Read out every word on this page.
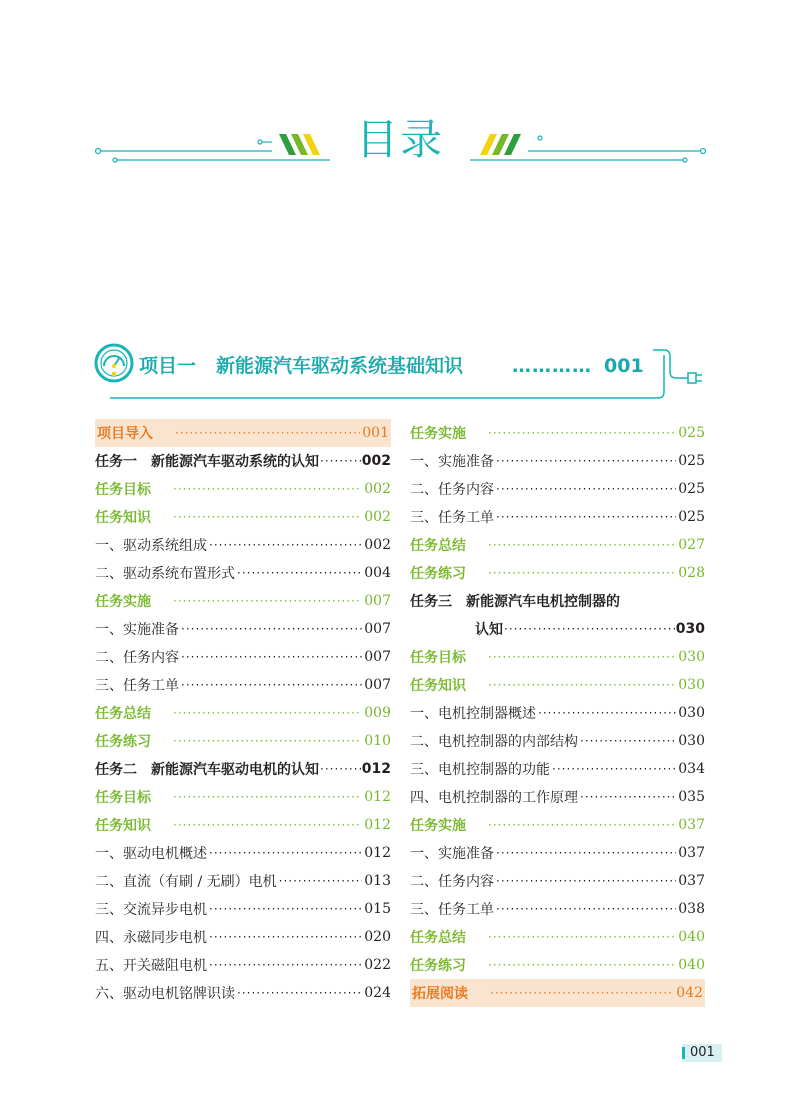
目录
项目一 新能源汽车驱动系统基础知识	………… 001
项目导入 ·····	001
任务一 新能源汽车驱动系统的认知 ·····	002
任务目标 ·····	002
任务知识 ·····	002
一、驱动系统组成 ·····	002
二、驱动系统布置形式 ·····	004
任务实施 ·····	007
一、实施准备 ·····	007
二、任务内容 ·····	007
三、任务工单 ·····	007
任务总结 ·····	009
任务练习 ·····	010
任务二 新能源汽车驱动电机的认知 ·····	012
任务目标 ·····	012
任务知识 ·····	012
一、驱动电机概述 ·····	012
二、直流（有刷 / 无刷）电机 ·····	013
三、交流异步电机 ·····	015
四、永磁同步电机 ·····	020
五、开关磁阻电机 ·····	022
六、驱动电机铭牌识读 ·····	024
任务实施 ·····	025
一、实施准备 ·····	025
二、任务内容 ·····	025
三、任务工单 ·····	025
任务总结 ·····	027
任务练习 ·····	028
任务三 新能源汽车电机控制器的
认知 ·····	030
任务目标 ·····	030
任务知识 ·····	030
一、电机控制器概述 ·····	030
二、电机控制器的内部结构 ·····	030
三、电机控制器的功能 ·····	034
四、电机控制器的工作原理 ·····	035
任务实施 ·····	037
一、实施准备 ·····	037
二、任务内容 ·····	037
三、任务工单 ·····	038
任务总结 ·····	040
任务练习 ·····	040
拓展阅读 ·····	042
001
